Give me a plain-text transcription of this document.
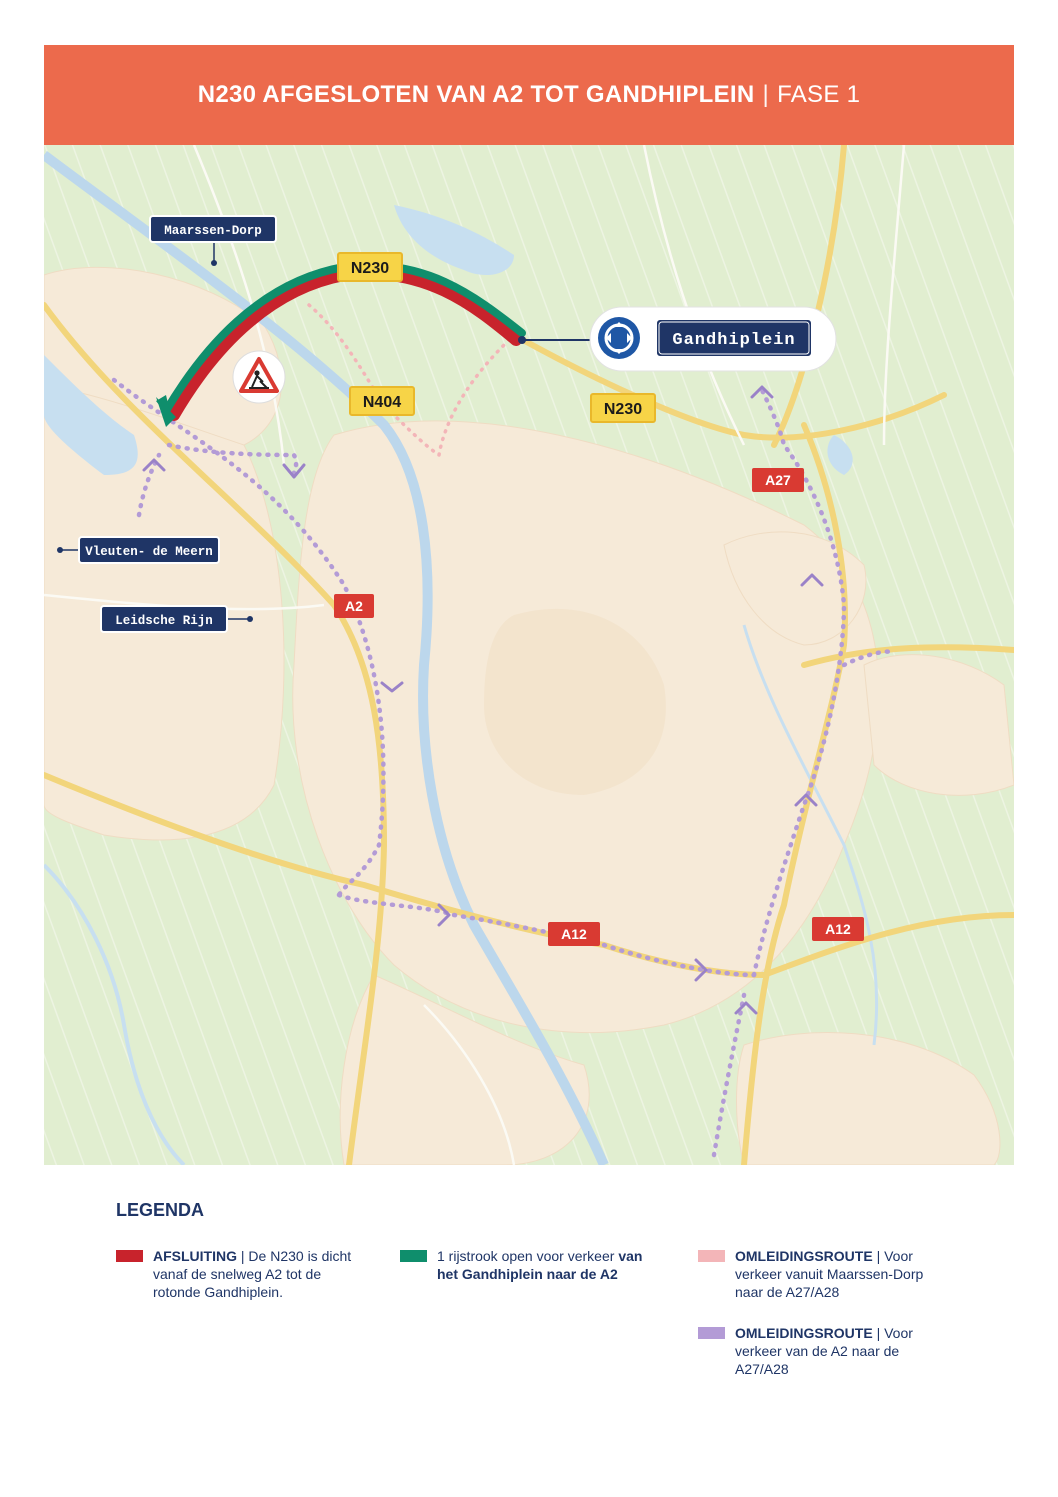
N230 AFGESLOTEN VAN A2 TOT GANDHIPLEIN | FASE 1
Gandhiplein
Maarssen-Dorp
Vleuten- de Meern
Leidsche Rijn
N230
N404	N230
A27
A2
A12	A12
LEGENDA
AFSLUITING | De N230 is dicht vanaf de snelweg A2 tot de rotonde Gandhiplein.
1 rijstrook open voor verkeer van het Gandhiplein naar de A2
OMLEIDINGSROUTE | Voor verkeer vanuit Maarssen-Dorp naar de A27/A28
OMLEIDINGSROUTE | Voor verkeer van de A2 naar de A27/A28
